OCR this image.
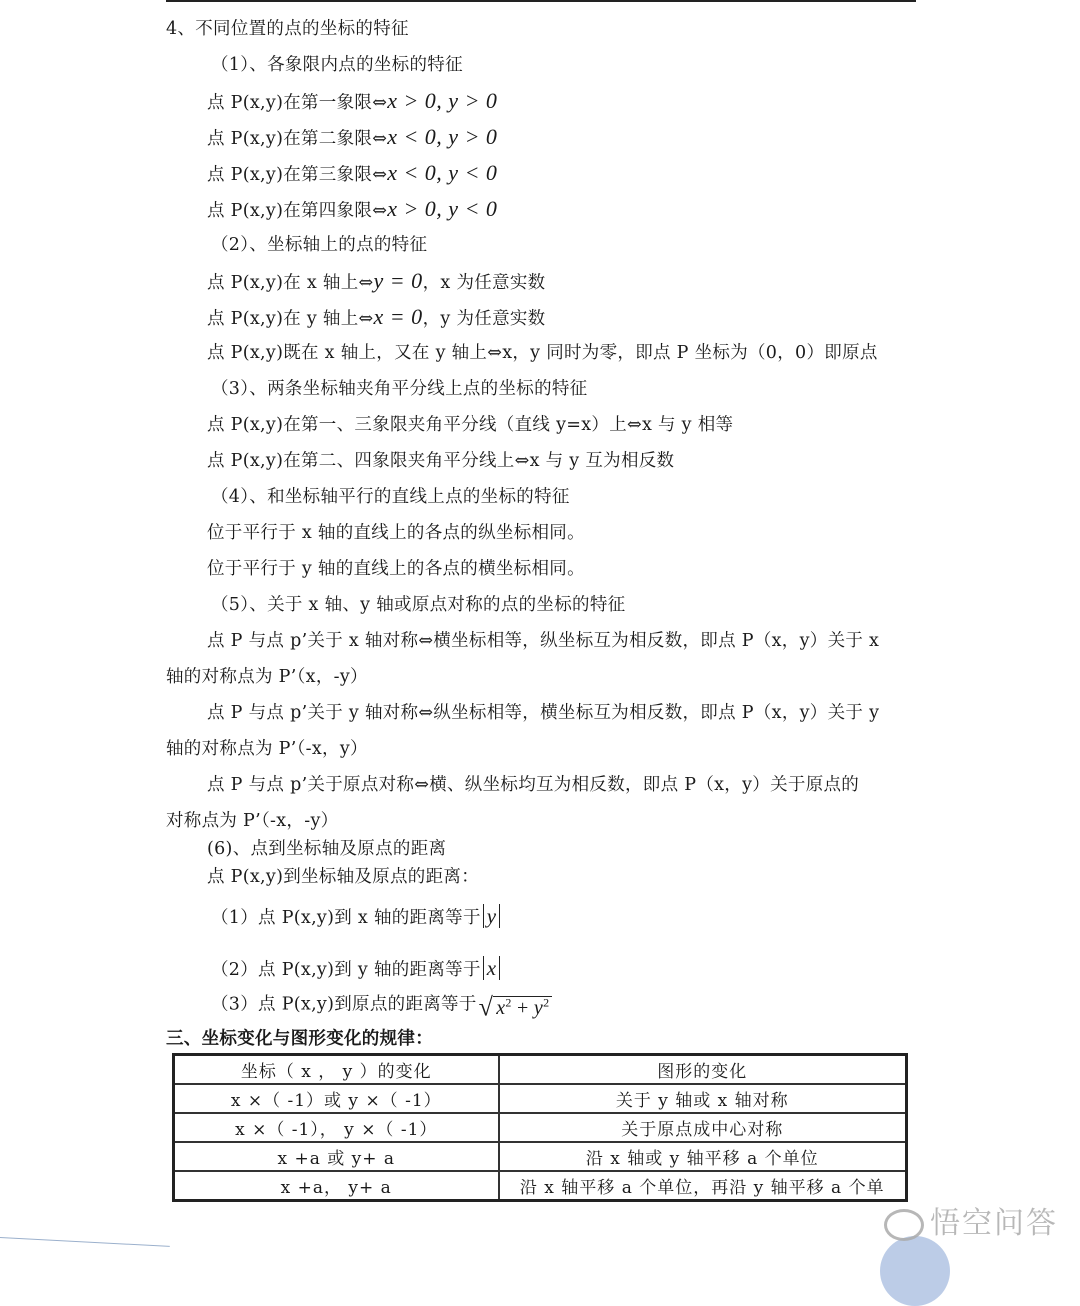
4、不同位置的点的坐标的特征
（1）、各象限内点的坐标的特征
点 P(x,y)在第一象限⇔x > 0, y > 0
点 P(x,y)在第二象限⇔x < 0, y > 0
点 P(x,y)在第三象限⇔x < 0, y < 0
点 P(x,y)在第四象限⇔x > 0, y < 0
（2）、坐标轴上的点的特征
点 P(x,y)在 x 轴上⇔y = 0，x 为任意实数
点 P(x,y)在 y 轴上⇔x = 0，y 为任意实数
点 P(x,y)既在 x 轴上，又在 y 轴上⇔x，y 同时为零，即点 P 坐标为（0，0）即原点
（3）、两条坐标轴夹角平分线上点的坐标的特征
点 P(x,y)在第一、三象限夹角平分线（直线 y=x）上⇔x 与 y 相等
点 P(x,y)在第二、四象限夹角平分线上⇔x 与 y 互为相反数
（4）、和坐标轴平行的直线上点的坐标的特征
位于平行于 x 轴的直线上的各点的纵坐标相同。
位于平行于 y 轴的直线上的各点的横坐标相同。
（5）、关于 x 轴、y 轴或原点对称的点的坐标的特征
点 P 与点 p’关于 x 轴对称⇔横坐标相等，纵坐标互为相反数，即点 P（x，y）关于 x
轴的对称点为 P’（x，-y）
点 P 与点 p’关于 y 轴对称⇔纵坐标相等，横坐标互为相反数，即点 P（x，y）关于 y
轴的对称点为 P’（-x，y）
点 P 与点 p’关于原点对称⇔横、纵坐标均互为相反数，即点 P（x，y）关于原点的
对称点为 P’（-x，-y）
(6)、点到坐标轴及原点的距离
点 P(x,y)到坐标轴及原点的距离：
（1）点 P(x,y)到 x 轴的距离等于 y
（2）点 P(x,y)到 y 轴的距离等于 x
（3）点 P(x,y)到原点的距离等于√ $x^2 + y^2$
三、坐标变化与图形变化的规律：
坐标（ x ， y ）的变化	图形的变化
x ×（ -1）或 y ×（ -1）	关于 y 轴或 x 轴对称
x ×（ -1）， y ×（ -1）	关于原点成中心对称
x +a 或 y+ a	沿 x 轴或 y 轴平移 a 个单位
x +a， y+ a	沿 x 轴平移 a 个单位，再沿 y 轴平移 a 个单
悟空问答
